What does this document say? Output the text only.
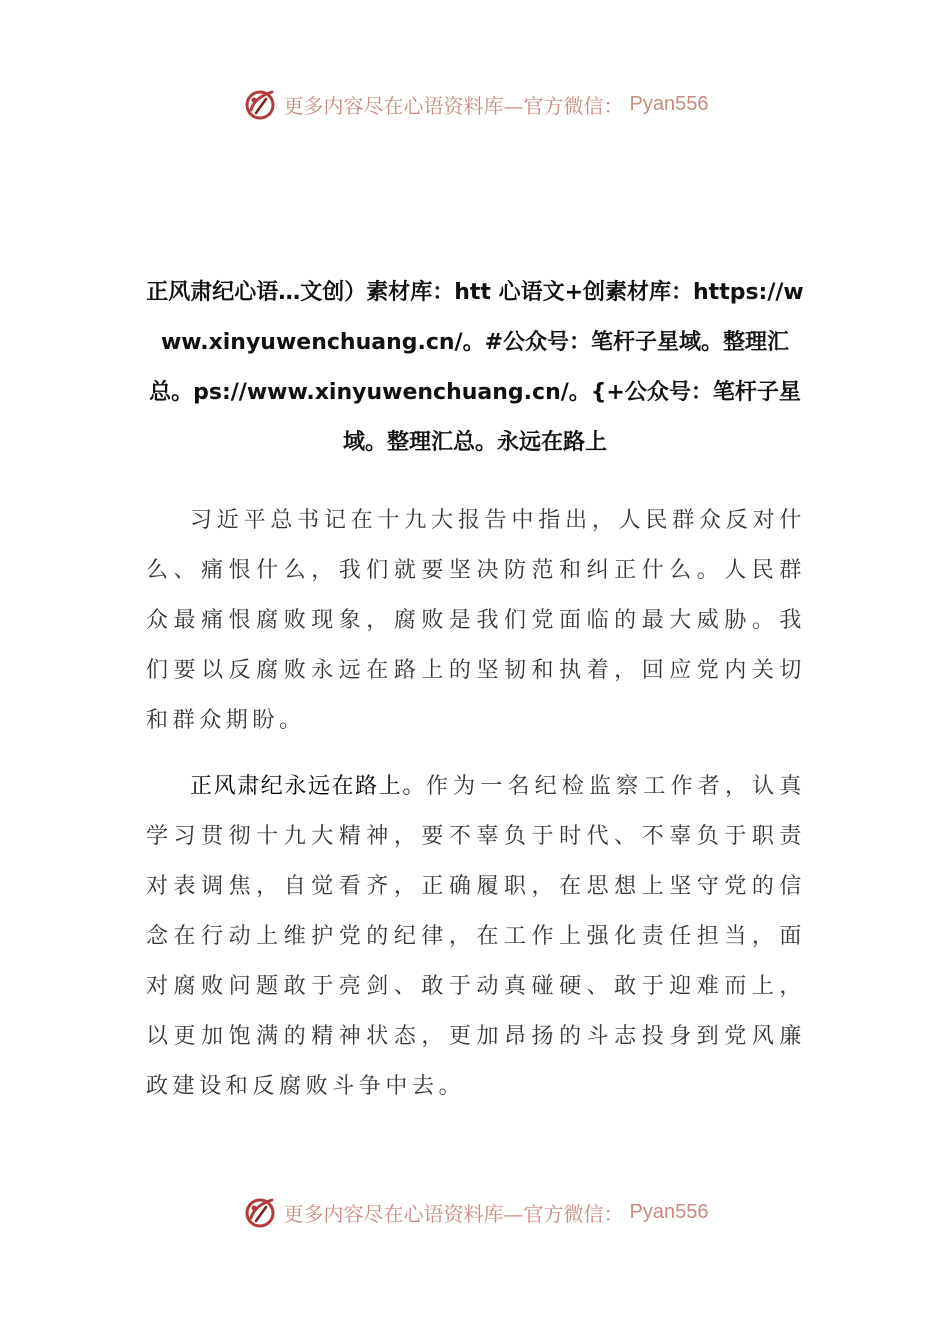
更多内容尽在心语资料库—官方微信： Pyan556
正风肃纪心语…文创）素材库：htt 心语文+创素材库：https://www.xinyuwenchuang.cn/。#公众号：笔杆子星域。整理汇总。ps://www.xinyuwenchuang.cn/。{+公众号：笔杆子星域。整理汇总。永远在路上

习近平总书记在十九大报告中指出，人民群众反对什么、痛恨什么，我们就要坚决防范和纠正什么。人民群众最痛恨腐败现象，腐败是我们党面临的最大威胁。我们要以反腐败永远在路上的坚韧和执着，回应党内关切和群众期盼。

正风肃纪永远在路上。作为一名纪检监察工作者，认真学习贯彻十九大精神，要不辜负于时代、不辜负于职责对表调焦，自觉看齐，正确履职，在思想上坚守党的信念在行动上维护党的纪律，在工作上强化责任担当，面对腐败问题敢于亮剑、敢于动真碰硬、敢于迎难而上，以更加饱满的精神状态，更加昂扬的斗志投身到党风廉政建设和反腐败斗争中去。

更多内容尽在心语资料库—官方微信： Pyan556
